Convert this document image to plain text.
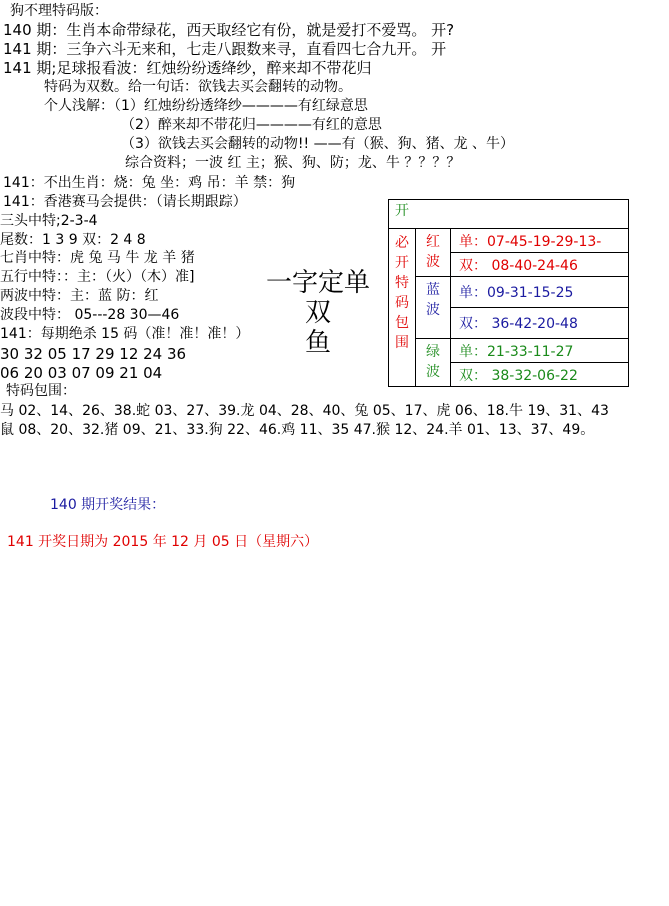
狗不理特码版：
140 期：生肖本命带绿花，西天取经它有份，就是爱打不爱骂。 开?
141 期：三争六斗无来和，七走八跟数来寻，直看四七合九开。 开
141 期;足球报看波：红烛纷纷透绛纱，醉来却不带花归
特码为双数。给一句话：欲钱去买会翻转的动物。
个人浅解：（1）红烛纷纷透绛纱————有红绿意思
（2）醉来却不带花归————有红的意思
（3）欲钱去买会翻转的动物!! ——有（猴、狗、猪、龙 、牛）
综合资料；一波 红 主；猴、狗、防；龙、牛 ？？？？
141：不出生肖：烧：兔 坐：鸡 吊：羊 禁：狗
141：香港赛马会提供：（请长期跟踪）
三头中特;2-3-4
尾数：1 3 9 双：2 4 8
七肖中特：虎 兔 马 牛 龙 羊 猪
五行中特：：主：（火）（木）准]
两波中特：主：蓝 防：红
波段中特： 05---28 30—46
141：每期绝杀 15 码（准！准！准！）
30 32 05 17 29 12 24 36
06 20 03 07 09 21 04
特码包围：
马 02、14、26、38.蛇 03、27、39.龙 04、28、40、兔 05、17、虎 06、18.牛 19、31、43
鼠 08、20、32.猪 09、21、33.狗 22、46.鸡 11、35 47.猴 12、24.羊 01、13、37、49。
一字定单双
鱼
开		

必开特码包围	红波	单：07-45-19-29-13-
		双： 08-40-24-46

	蓝波	单：09-31-15-25
		双： 36-42-20-48

	绿波	单：21-33-11-27
		双： 38-32-06-22
140 期开奖结果：
141 开奖日期为 2015 年 12 月 05 日（星期六）
